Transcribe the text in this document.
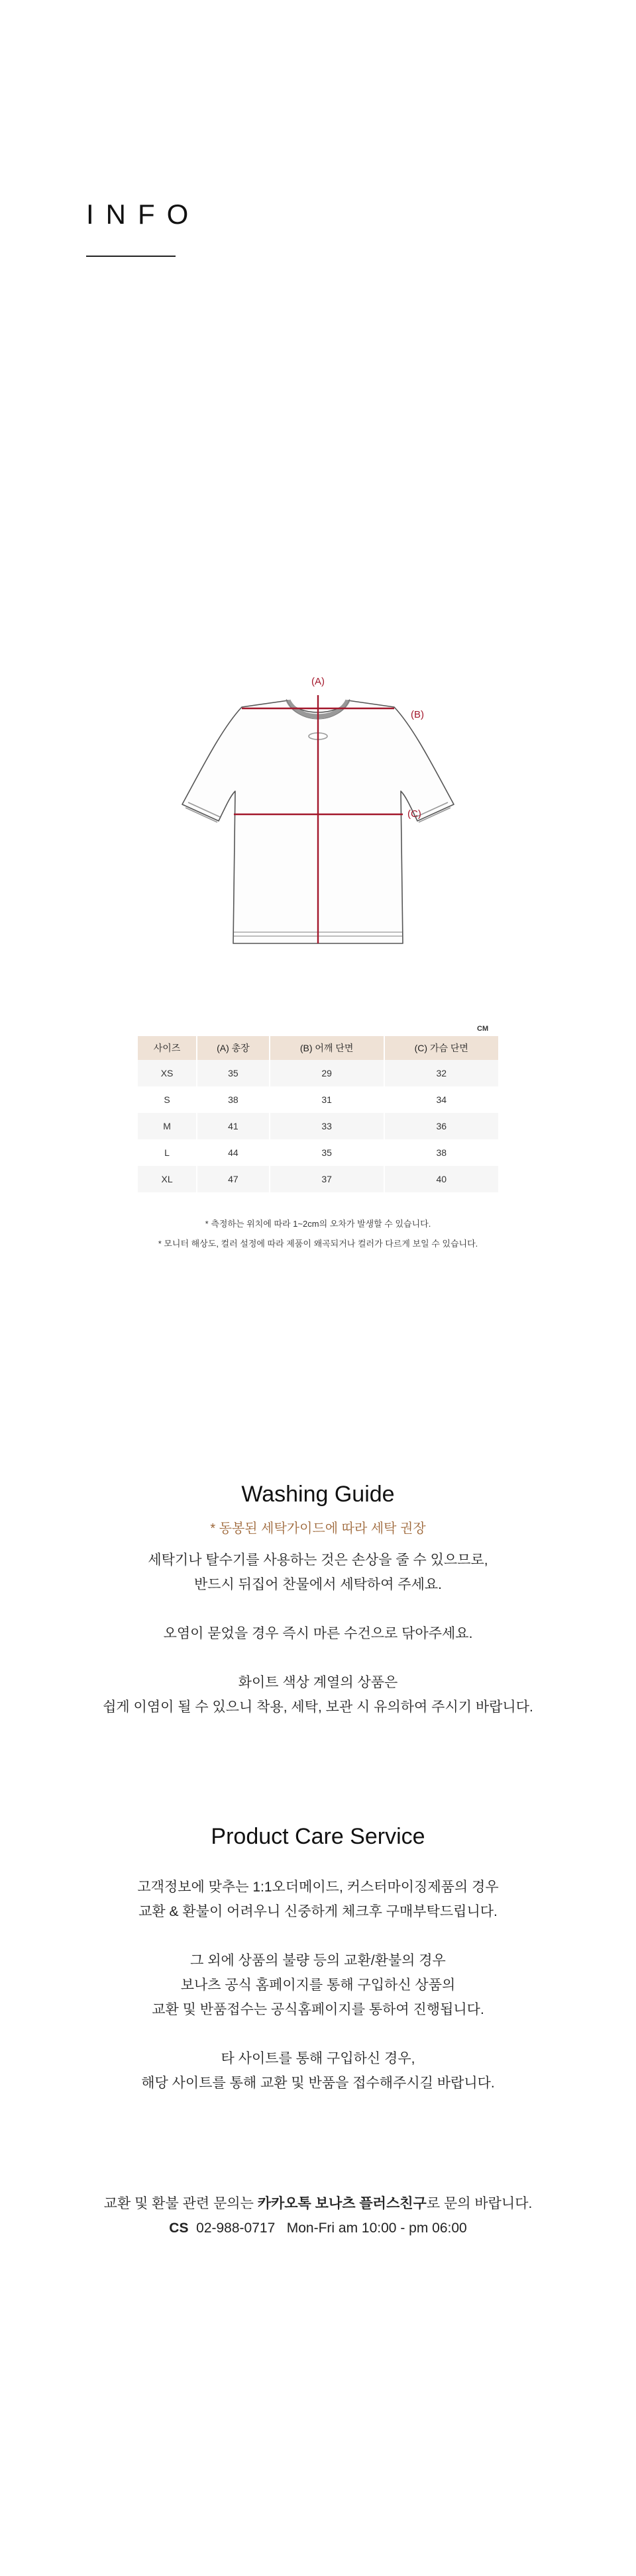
INFO
(A)
(B)
(C)
CM
사이즈	(A) 총장	(B) 어깨 단면	(C) 가슴 단면
XS	35	29	32
S	38	31	34
M	41	33	36
L	44	35	38
XL	47	37	40
* 측정하는 위치에 따라 1~2cm의 오차가 발생할 수 있습니다.
* 모니터 해상도, 컬러 설정에 따라 제품이 왜곡되거나 컬러가 다르게 보일 수 있습니다.
Washing Guide
* 동봉된 세탁가이드에 따라 세탁 권장
세탁기나 탈수기를 사용하는 것은 손상을 줄 수 있으므로,
반드시 뒤집어 찬물에서 세탁하여 주세요.
오염이 묻었을 경우 즉시 마른 수건으로 닦아주세요.
화이트 색상 계열의 상품은
쉽게 이염이 될 수 있으니 착용, 세탁, 보관 시 유의하여 주시기 바랍니다.
Product Care Service
고객정보에 맞추는 1:1오더메이드, 커스터마이징제품의 경우
교환 & 환불이 어려우니 신중하게 체크후 구매부탁드립니다.
그 외에 상품의 불량 등의 교환/환불의 경우
보나츠 공식 홈페이지를 통해 구입하신 상품의
교환 및 반품접수는 공식홈페이지를 통하여 진행됩니다.
타 사이트를 통해 구입하신 경우,
해당 사이트를 통해 교환 및 반품을 접수해주시길 바랍니다.
교환 및 환불 관련 문의는 카카오톡 보나츠 플러스친구로 문의 바랍니다.
CS 02-988-0717   Mon-Fri am 10:00 - pm 06:00
